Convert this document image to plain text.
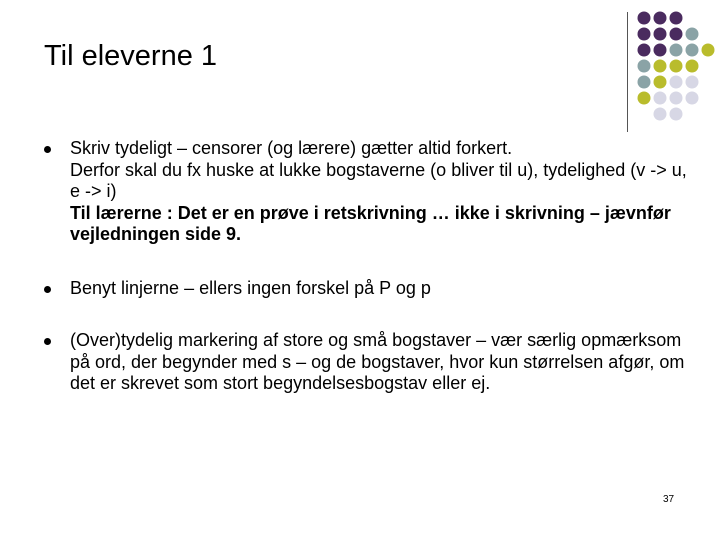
Til eleverne 1

Skriv tydeligt – censorer (og lærere) gætter altid forkert.

Derfor skal du fx huske at lukke bogstaverne (o bliver til u), tydelighed (v -> u, e -> i)

Til lærerne : Det er en prøve i retskrivning … ikke i skrivning – jævnfør vejledningen side 9.

Benyt linjerne – ellers ingen forskel på P og p

(Over)tydelig markering af store og små bogstaver – vær særlig opmærksom på ord, der begynder med s – og de bogstaver, hvor kun størrelsen afgør, om det er skrevet som stort begyndelsesbogstav eller ej.

37
